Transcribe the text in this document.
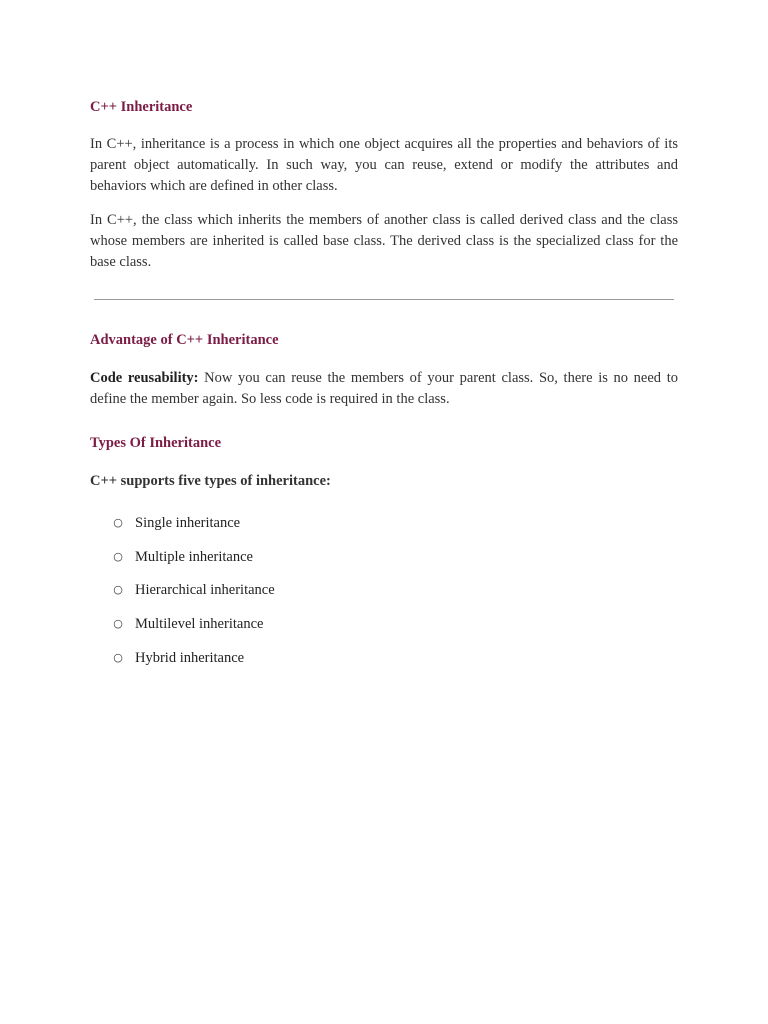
C++ Inheritance

In C++, inheritance is a process in which one object acquires all the properties and behaviors of its parent object automatically. In such way, you can reuse, extend or modify the attributes and behaviors which are defined in other class.

In C++, the class which inherits the members of another class is called derived class and the class whose members are inherited is called base class. The derived class is the specialized class for the base class.

Advantage of C++ Inheritance

Code reusability: Now you can reuse the members of your parent class. So, there is no need to define the member again. So less code is required in the class.

Types Of Inheritance

C++ supports five types of inheritance:

○ Single inheritance
○ Multiple inheritance
○ Hierarchical inheritance
○ Multilevel inheritance
○ Hybrid inheritance
